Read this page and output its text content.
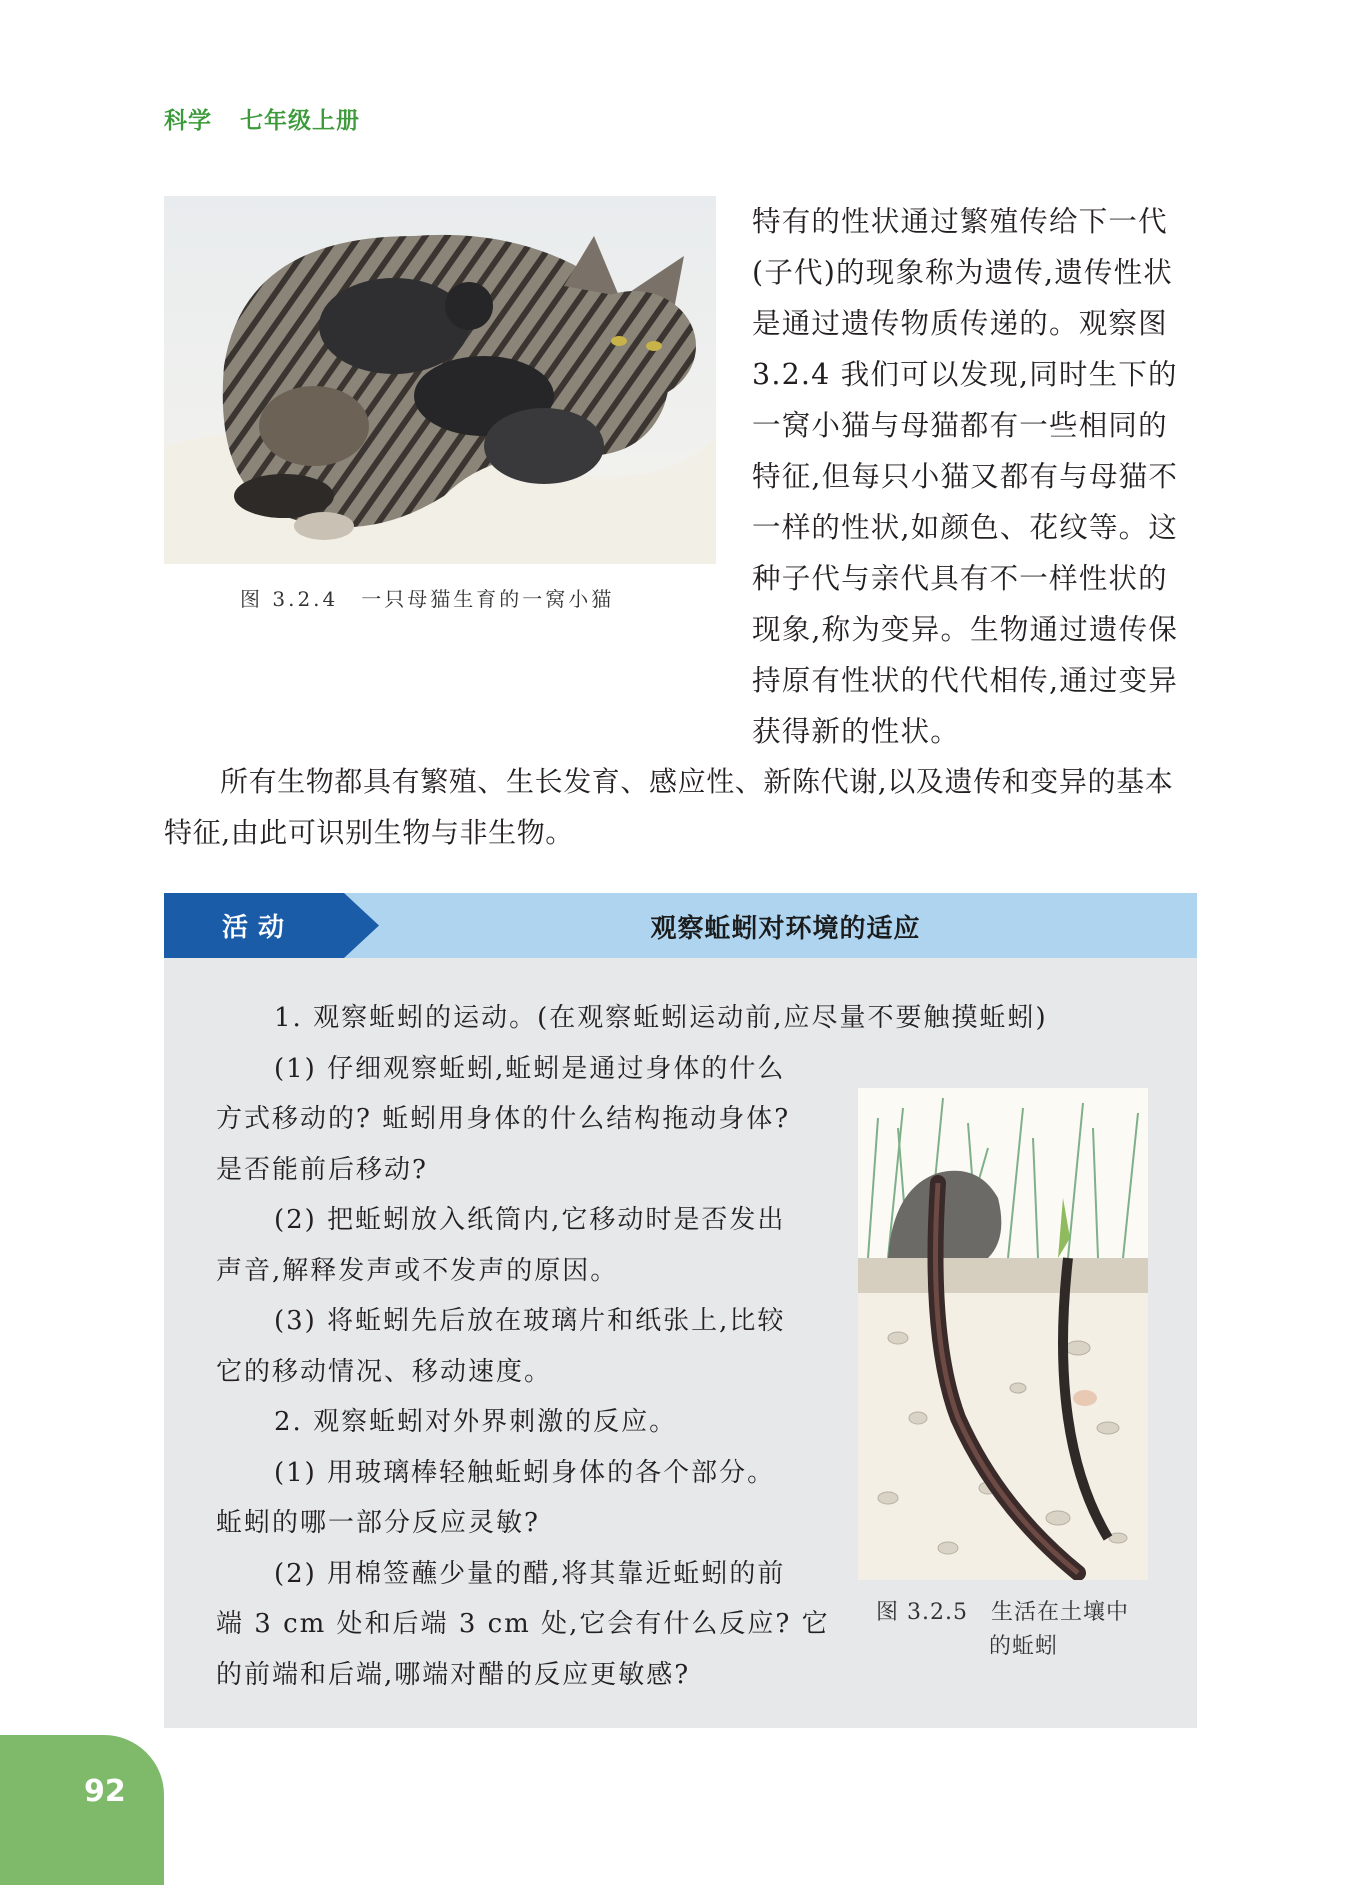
科学 七年级上册
图 3.2.4　一只母猫生育的一窝小猫

特有的性状通过繁殖传给下一代

(子代)的现象称为遗传,遗传性状

是通过遗传物质传递的。观察图

3.2.4 我们可以发现,同时生下的

一窝小猫与母猫都有一些相同的

特征,但每只小猫又都有与母猫不

一样的性状,如颜色、花纹等。这

种子代与亲代具有不一样性状的

现象,称为变异。生物通过遗传保

持原有性状的代代相传,通过变异

获得新的性状。

所有生物都具有繁殖、生长发育、感应性、新陈代谢,以及遗传和变异的基本
特征,由此可识别生物与非生物。
活动	观察蚯蚓对环境的适应
1. 观察蚯蚓的运动。(在观察蚯蚓运动前,应尽量不要触摸蚯蚓)
(1) 仔细观察蚯蚓,蚯蚓是通过身体的什么
方式移动的? 蚯蚓用身体的什么结构拖动身体?
是否能前后移动?
(2) 把蚯蚓放入纸筒内,它移动时是否发出
声音,解释发声或不发声的原因。
(3) 将蚯蚓先后放在玻璃片和纸张上,比较
它的移动情况、移动速度。
2. 观察蚯蚓对外界刺激的反应。
(1) 用玻璃棒轻触蚯蚓身体的各个部分。
蚯蚓的哪一部分反应灵敏?
(2) 用棉签蘸少量的醋,将其靠近蚯蚓的前
端 3 cm 处和后端 3 cm 处,它会有什么反应? 它
的前端和后端,哪端对醋的反应更敏感?
图 3.2.5　生活在土壤中
的蚯蚓
92
